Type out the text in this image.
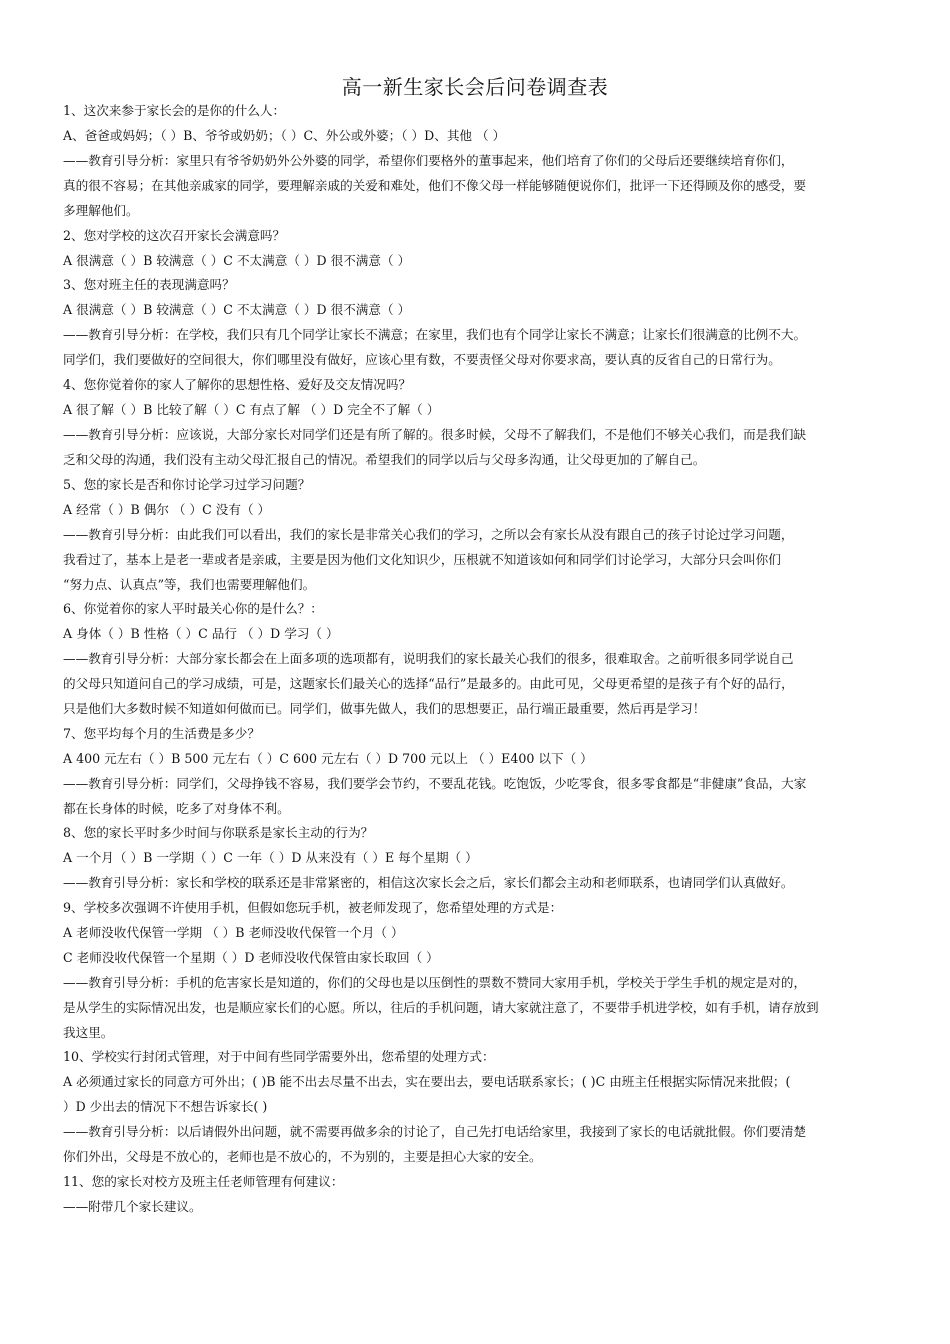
高一新生家长会后问卷调查表
1、这次来参于家长会的是你的什么人：
A、爸爸或妈妈；（ ）B、爷爷或奶奶；（ ）C、外公或外婆；（ ）D、其他 （ ）
——教育引导分析：家里只有爷爷奶奶外公外婆的同学，希望你们要格外的董事起来，他们培育了你们的父母后还要继续培育你们，
真的很不容易；在其他亲戚家的同学，要理解亲戚的关爱和难处，他们不像父母一样能够随便说你们，批评一下还得顾及你的感受，要
多理解他们。
2、您对学校的这次召开家长会满意吗？
A 很满意（ ）B 较满意（ ）C 不太满意（ ）D 很不满意（ ）
3、您对班主任的表现满意吗？
A 很满意（ ）B 较满意（ ）C 不太满意（ ）D 很不满意（ ）
——教育引导分析：在学校，我们只有几个同学让家长不满意；在家里，我们也有个同学让家长不满意；让家长们很满意的比例不大。
同学们，我们要做好的空间很大，你们哪里没有做好，应该心里有数，不要责怪父母对你要求高，要认真的反省自己的日常行为。
4、您你觉着你的家人了解你的思想性格、爱好及交友情况吗？
A 很了解（ ）B 比较了解（ ）C 有点了解 （ ）D 完全不了解（ ）
——教育引导分析：应该说，大部分家长对同学们还是有所了解的。很多时候，父母不了解我们，不是他们不够关心我们，而是我们缺
乏和父母的沟通，我们没有主动父母汇报自己的情况。希望我们的同学以后与父母多沟通，让父母更加的了解自己。
5、您的家长是否和你讨论学习过学习问题？
A 经常（ ）B 偶尔 （ ）C 没有（ ）
——教育引导分析：由此我们可以看出，我们的家长是非常关心我们的学习，之所以会有家长从没有跟自己的孩子讨论过学习问题，
我看过了，基本上是老一辈或者是亲戚，主要是因为他们文化知识少，压根就不知道该如何和同学们讨论学习，大部分只会叫你们
“努力点、认真点”等，我们也需要理解他们。
6、你觉着你的家人平时最关心你的是什么？：
A 身体（ ）B 性格（ ）C 品行 （ ）D 学习（ ）
——教育引导分析：大部分家长都会在上面多项的选项都有，说明我们的家长最关心我们的很多，很难取舍。之前听很多同学说自己
的父母只知道问自己的学习成绩，可是，这题家长们最关心的选择“品行”是最多的。由此可见，父母更希望的是孩子有个好的品行，
只是他们大多数时候不知道如何做而已。同学们，做事先做人，我们的思想要正，品行端正最重要，然后再是学习！
7、您平均每个月的生活费是多少？
A 400 元左右（ ）B 500 元左右（ ）C 600 元左右（ ）D 700 元以上 （ ）E400 以下（ ）
——教育引导分析：同学们，父母挣钱不容易，我们要学会节约，不要乱花钱。吃饱饭，少吃零食，很多零食都是“非健康”食品，大家
都在长身体的时候，吃多了对身体不利。
8、您的家长平时多少时间与你联系是家长主动的行为？
A 一个月（ ）B 一学期（ ）C 一年（ ）D 从来没有（ ）E 每个星期（ ）
——教育引导分析：家长和学校的联系还是非常紧密的，相信这次家长会之后，家长们都会主动和老师联系，也请同学们认真做好。
9、学校多次强调不许使用手机，但假如您玩手机，被老师发现了，您希望处理的方式是：
A 老师没收代保管一学期 （ ）B 老师没收代保管一个月（ ）
C 老师没收代保管一个星期（ ）D 老师没收代保管由家长取回（ ）
——教育引导分析：手机的危害家长是知道的，你们的父母也是以压倒性的票数不赞同大家用手机，学校关于学生手机的规定是对的，
是从学生的实际情况出发，也是顺应家长们的心愿。所以，往后的手机问题，请大家就注意了，不要带手机进学校，如有手机，请存放到
我这里。
10、学校实行封闭式管理，对于中间有些同学需要外出，您希望的处理方式：
A 必须通过家长的同意方可外出；( )B 能不出去尽量不出去，实在要出去，要电话联系家长；( )C 由班主任根据实际情况来批假；(
）D 少出去的情况下不想告诉家长( )
——教育引导分析：以后请假外出问题，就不需要再做多余的讨论了，自己先打电话给家里，我接到了家长的电话就批假。你们要清楚
你们外出，父母是不放心的，老师也是不放心的，不为别的，主要是担心大家的安全。
11、您的家长对校方及班主任老师管理有何建议：
——附带几个家长建议。
